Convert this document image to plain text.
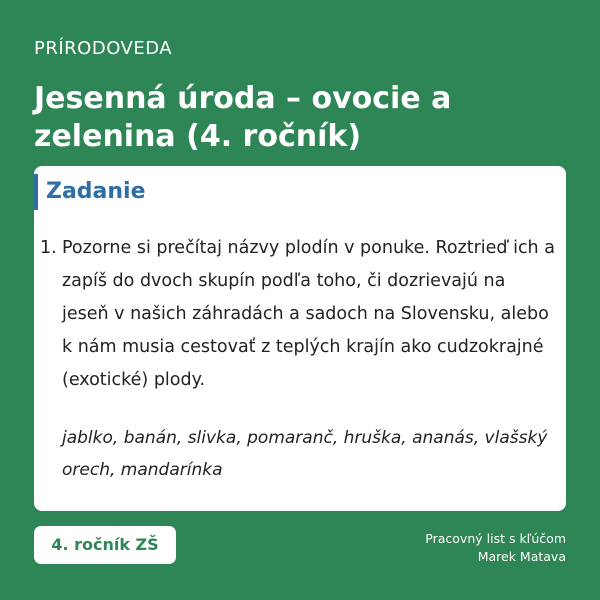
PRÍRODOVEDA
Jesenná úroda – ovocie a zelenina (4. ročník)
Zadanie
1. Pozorne si prečítaj názvy plodín v ponuke. Roztrieď ich a zapíš do dvoch skupín podľa toho, či dozrievajú na jeseň v našich záhradách a sadoch na Slovensku, alebo k nám musia cestovať z teplých krajín ako cudzokrajné (exotické) plody.
jablko, banán, slivka, pomaranč, hruška, ananás, vlašský orech, mandarínka
4. ročník ZŠ	Pracovný list s kľúčom
Marek Matava
